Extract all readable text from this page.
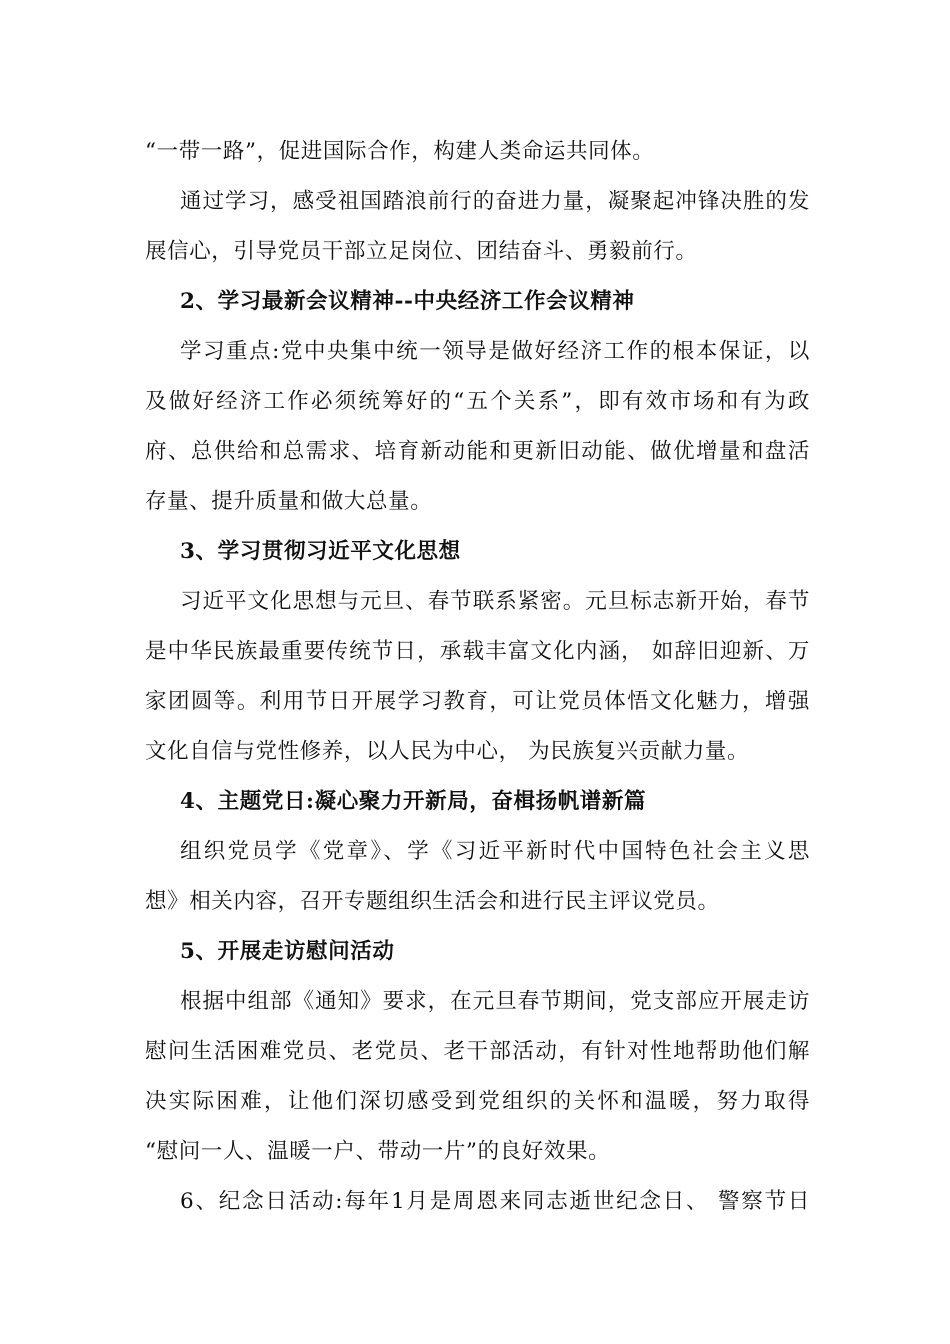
“一带一路”，促进国际合作，构建人类命运共同体。
通过学习，感受祖国踏浪前行的奋进力量，凝聚起冲锋决胜的发
展信心，引导党员干部立足岗位、团结奋斗、勇毅前行。
2、学习最新会议精神--中央经济工作会议精神
学习重点:党中央集中统一领导是做好经济工作的根本保证，以
及做好经济工作必须统筹好的“五个关系”，即有效市场和有为政
府、总供给和总需求、培育新动能和更新旧动能、做优增量和盘活
存量、提升质量和做大总量。
3、学习贯彻习近平文化思想
习近平文化思想与元旦、春节联系紧密。元旦标志新开始，春节
是中华民族最重要传统节日，承载丰富文化内涵， 如辞旧迎新、万
家团圆等。利用节日开展学习教育，可让党员体悟文化魅力，增强
文化自信与党性修养，以人民为中心， 为民族复兴贡献力量。
4、主题党日:凝心聚力开新局，奋楫扬帆谱新篇
组织党员学《党章》、学《习近平新时代中国特色社会主义思
想》相关内容，召开专题组织生活会和进行民主评议党员。
5、开展走访慰问活动
根据中组部《通知》要求，在元旦春节期间，党支部应开展走访
慰问生活困难党员、老党员、老干部活动，有针对性地帮助他们解
决实际困难，让他们深切感受到党组织的关怀和温暖，努力取得
“慰问一人、温暖一户、带动一片”的良好效果。
6、纪念日活动:每年1月是周恩来同志逝世纪念日、 警察节日
